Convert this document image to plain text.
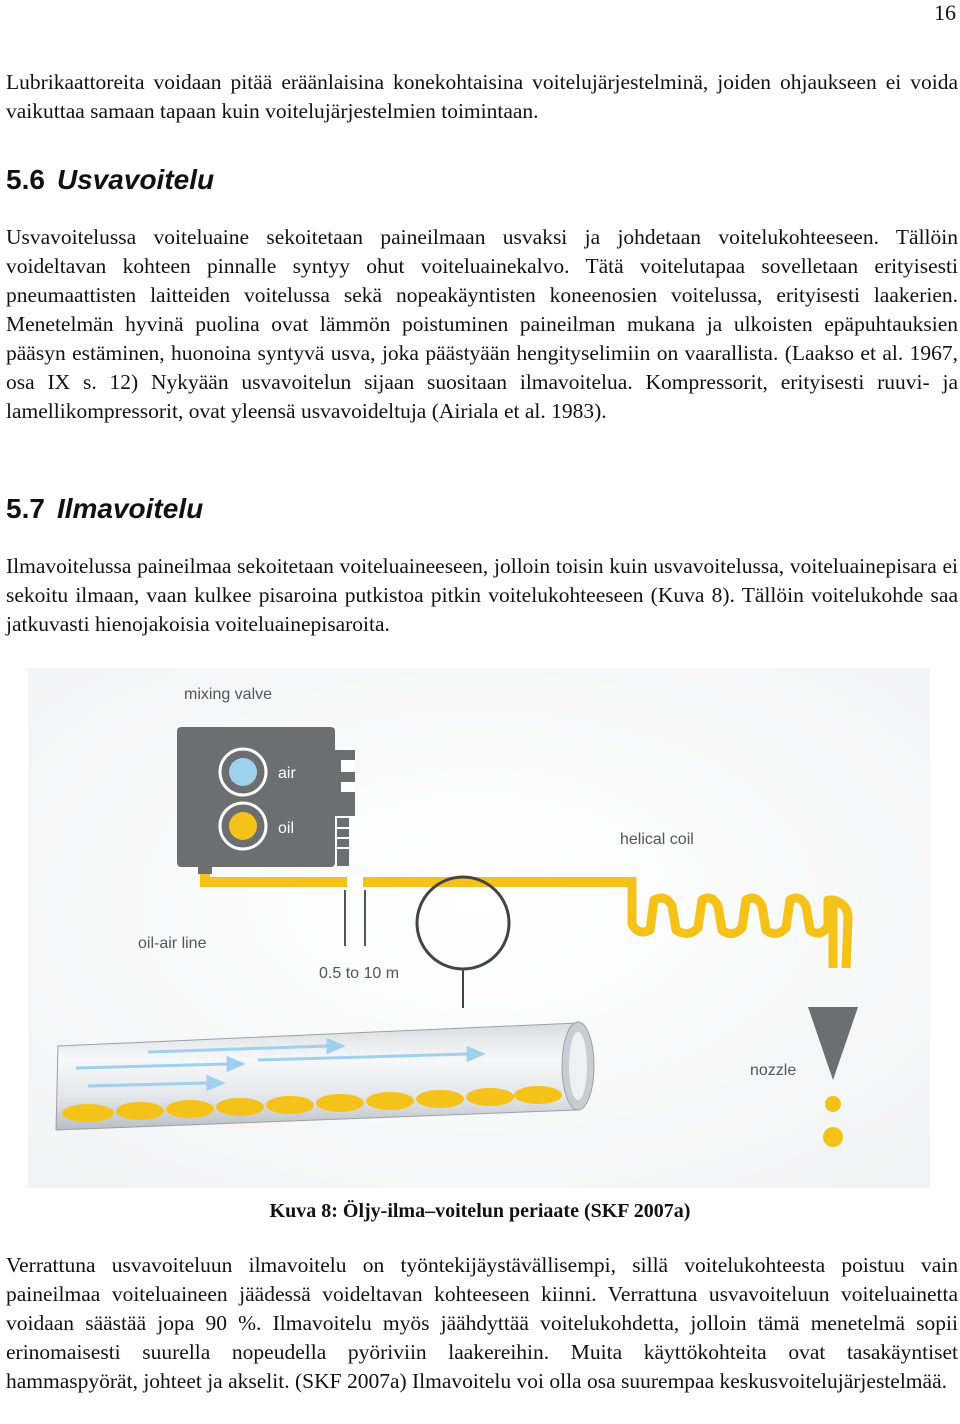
16

Lubrikaattoreita voidaan pitää eräänlaisina konekohtaisina voitelujärjestelminä, joiden ohjaukseen ei voida vaikuttaa samaan tapaan kuin voitelujärjestelmien toimintaan.

5.6 Usvavoitelu

Usvavoitelussa voiteluaine sekoitetaan paineilmaan usvaksi ja johdetaan voitelukohteeseen. Tällöin voideltavan kohteen pinnalle syntyy ohut voiteluainekalvo. Tätä voitelutapaa sovelletaan erityisesti pneumaattisten laitteiden voitelussa sekä nopeakäyntisten koneenosien voitelussa, erityisesti laakerien. Menetelmän hyvinä puolina ovat lämmön poistuminen paineilman mukana ja ulkoisten epäpuhtauksien pääsyn estäminen, huonoina syntyvä usva, joka päästyään hengityselimiin on vaarallista. (Laakso et al. 1967, osa IX s. 12) Nykyään usvavoitelun sijaan suositaan ilmavoitelua. Kompressorit, erityisesti ruuvi- ja lamellikompressorit, ovat yleensä usvavoideltuja (Airiala et al. 1983).

5.7 Ilmavoitelu

Ilmavoitelussa paineilmaa sekoitetaan voiteluaineeseen, jolloin toisin kuin usvavoitelussa, voiteluainepisara ei sekoitu ilmaan, vaan kulkee pisaroina putkistoa pitkin voitelukohteeseen (Kuva 8). Tällöin voitelukohde saa jatkuvasti hienojakoisia voiteluainepisaroita.

mixing valve
air
oil
helical coil
nozzle
oil-air line
0.5 to 10 m
Kuva 8: Öljy-ilma–voitelun periaate (SKF 2007a)

Verrattuna usvavoiteluun ilmavoitelu on työntekijäystävällisempi, sillä voitelukohteesta poistuu vain paineilmaa voiteluaineen jäädessä voideltavan kohteeseen kiinni. Verrattuna usvavoiteluun voiteluainetta voidaan säästää jopa 90 %. Ilmavoitelu myös jäähdyttää voitelukohdetta, jolloin tämä menetelmä sopii erinomaisesti suurella nopeudella pyöriviin laakereihin. Muita käyttökohteita ovat tasakäyntiset hammaspyörät, johteet ja akselit. (SKF 2007a) Ilmavoitelu voi olla osa suurempaa keskusvoitelujärjestelmää.
